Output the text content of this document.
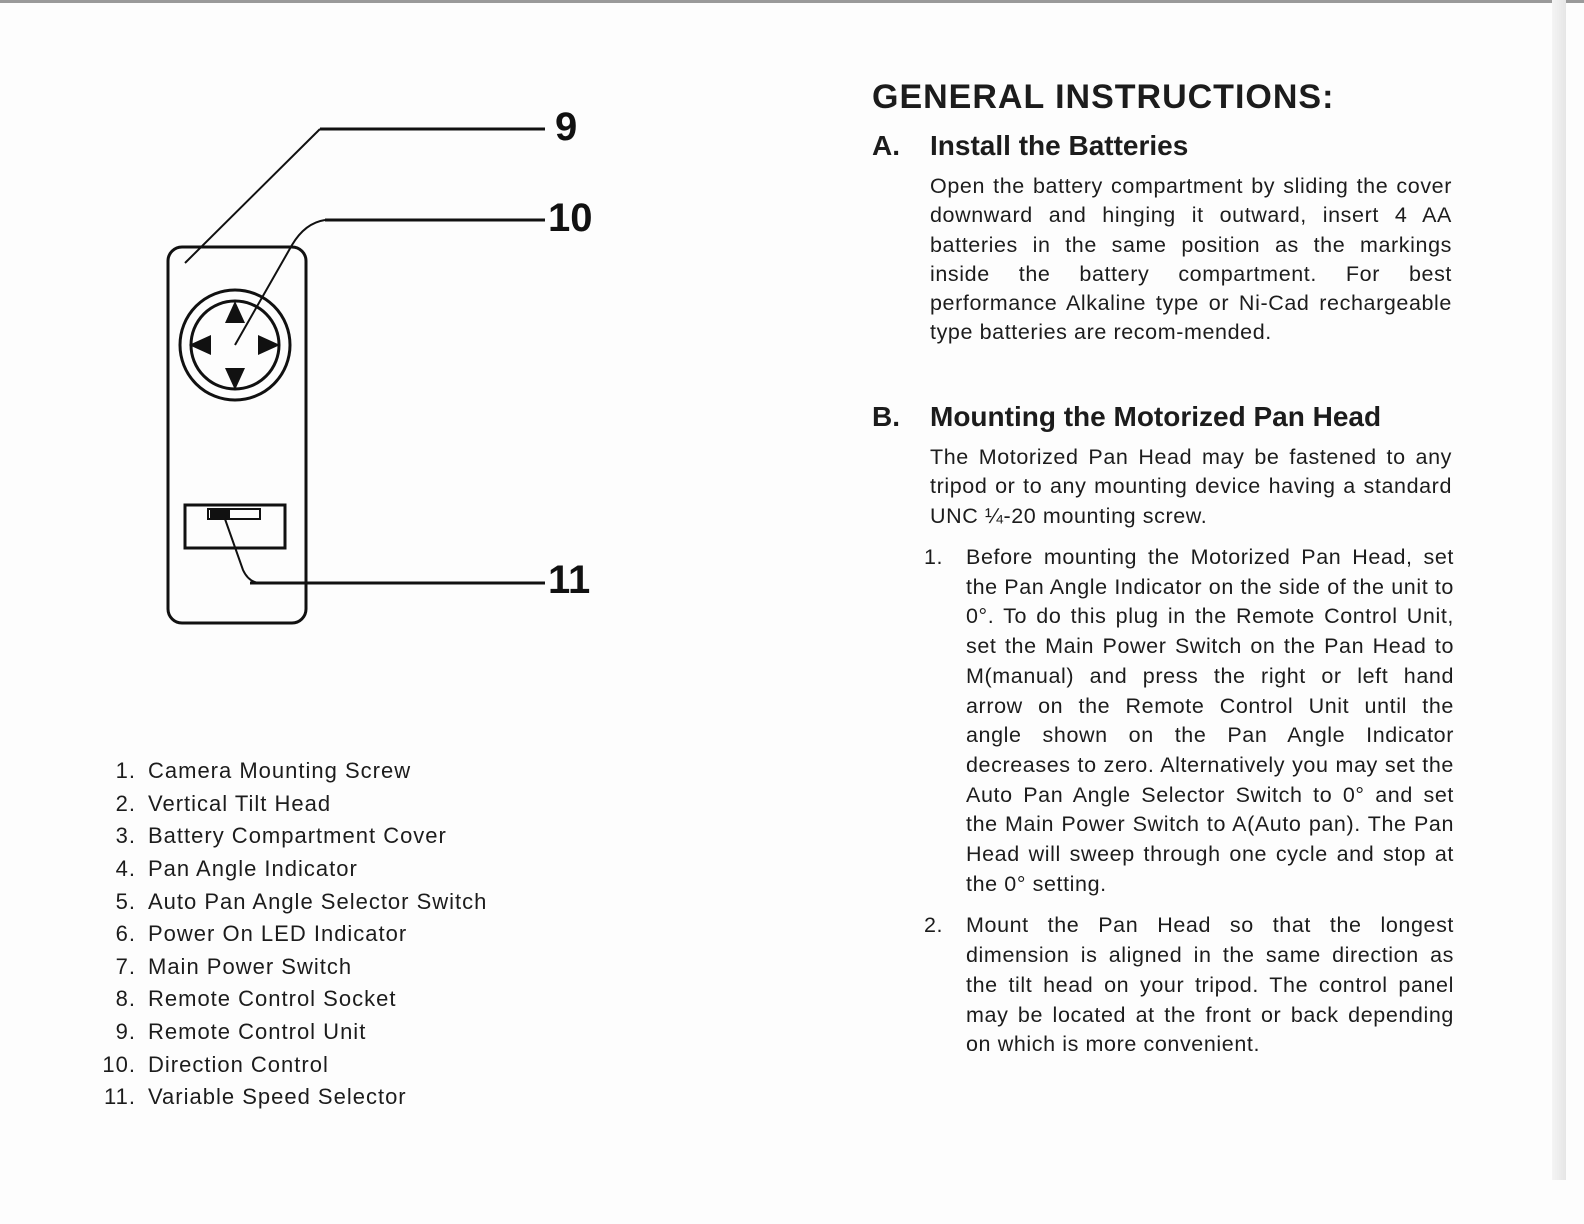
9
10
11
1. Camera Mounting Screw
2. Vertical Tilt Head
3. Battery Compartment Cover
4. Pan Angle Indicator
5. Auto Pan Angle Selector Switch
6. Power On LED Indicator
7. Main Power Switch
8. Remote Control Socket
9. Remote Control Unit
10. Direction Control
11. Variable Speed Selector
GENERAL INSTRUCTIONS:
A.	Install the Batteries

Open the battery compartment by sliding the cover downward and hinging it outward, insert 4 AA batteries in the same position as the markings inside the battery compartment. For best performance Alkaline type or Ni-Cad rechargeable type batteries are recom-mended.

B.	Mounting the Motorized Pan Head

The Motorized Pan Head may be fastened to any tripod or to any mounting device having a standard UNC ¼-20 mounting screw.

1.	Before mounting the Motorized Pan Head, set the Pan Angle Indicator on the side of the unit to 0°. To do this plug in the Remote Control Unit, set the Main Power Switch on the Pan Head to M(manual) and press the right or left hand arrow on the Remote Control Unit until the angle shown on the Pan Angle Indicator decreases to zero. Alternatively you may set the Auto Pan Angle Selector Switch to 0° and set the Main Power Switch to A(Auto pan). The Pan Head will sweep through one cycle and stop at the 0° setting.
2.	Mount the Pan Head so that the longest dimension is aligned in the same direction as the tilt head on your tripod. The control panel may be located at the front or back depending on which is more convenient.
